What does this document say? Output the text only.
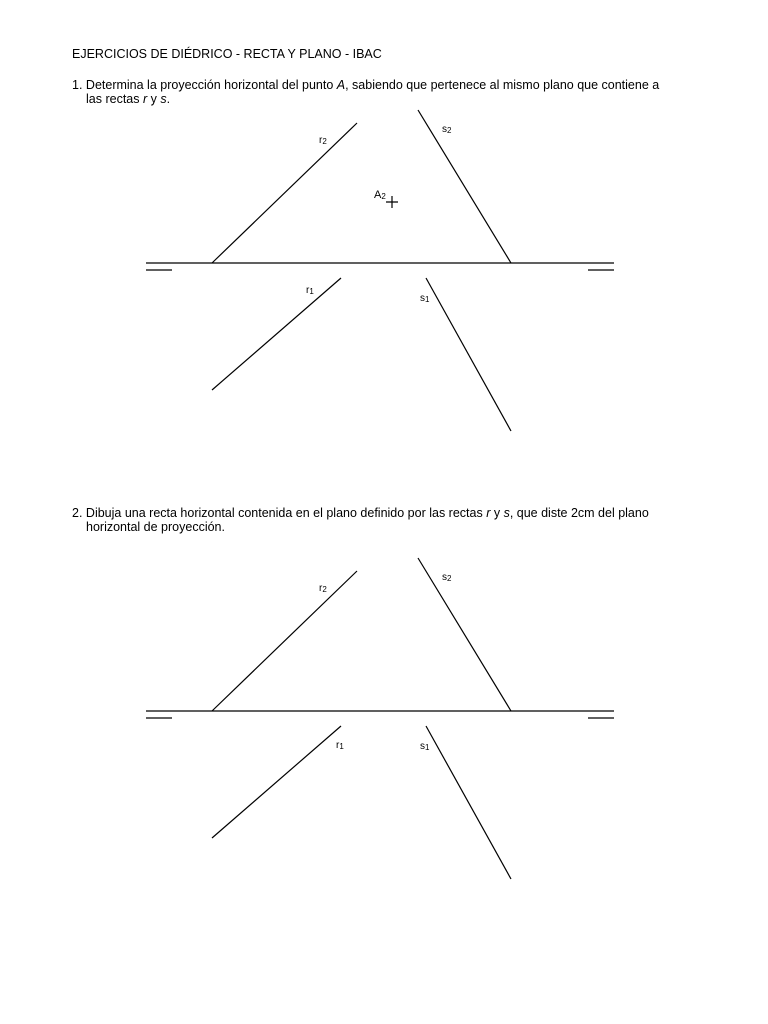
EJERCICIOS DE DIÉDRICO - RECTA Y PLANO - IBAC
1. Determina la proyección horizontal del punto A, sabiendo que pertenece al mismo plano que contiene a
las rectas r y s.
r2
s2
r1
s1
A2
2. Dibuja una recta horizontal contenida en el plano definido por las rectas r y s, que diste 2cm del plano
horizontal de proyección.
r2
s2
r1	s1
